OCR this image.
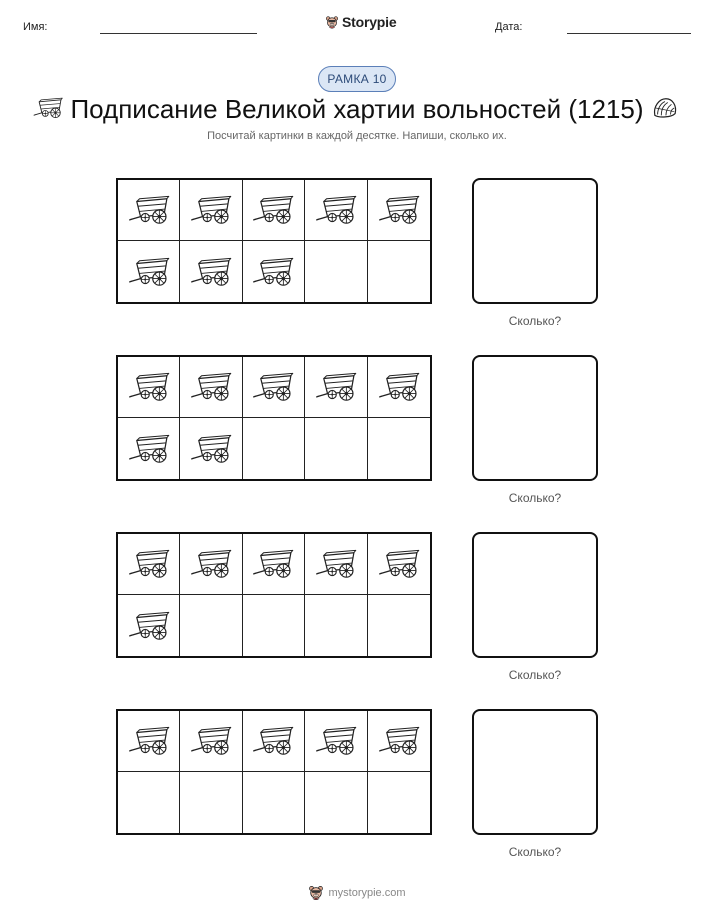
Имя:	Storypie	Дата:
РАМКА 10
Подписание Великой хартии вольностей (1215)
Посчитай картинки в каждой десятке. Напиши, сколько их.
Сколько?
Сколько?
Сколько?
Сколько?
mystorypie.com
